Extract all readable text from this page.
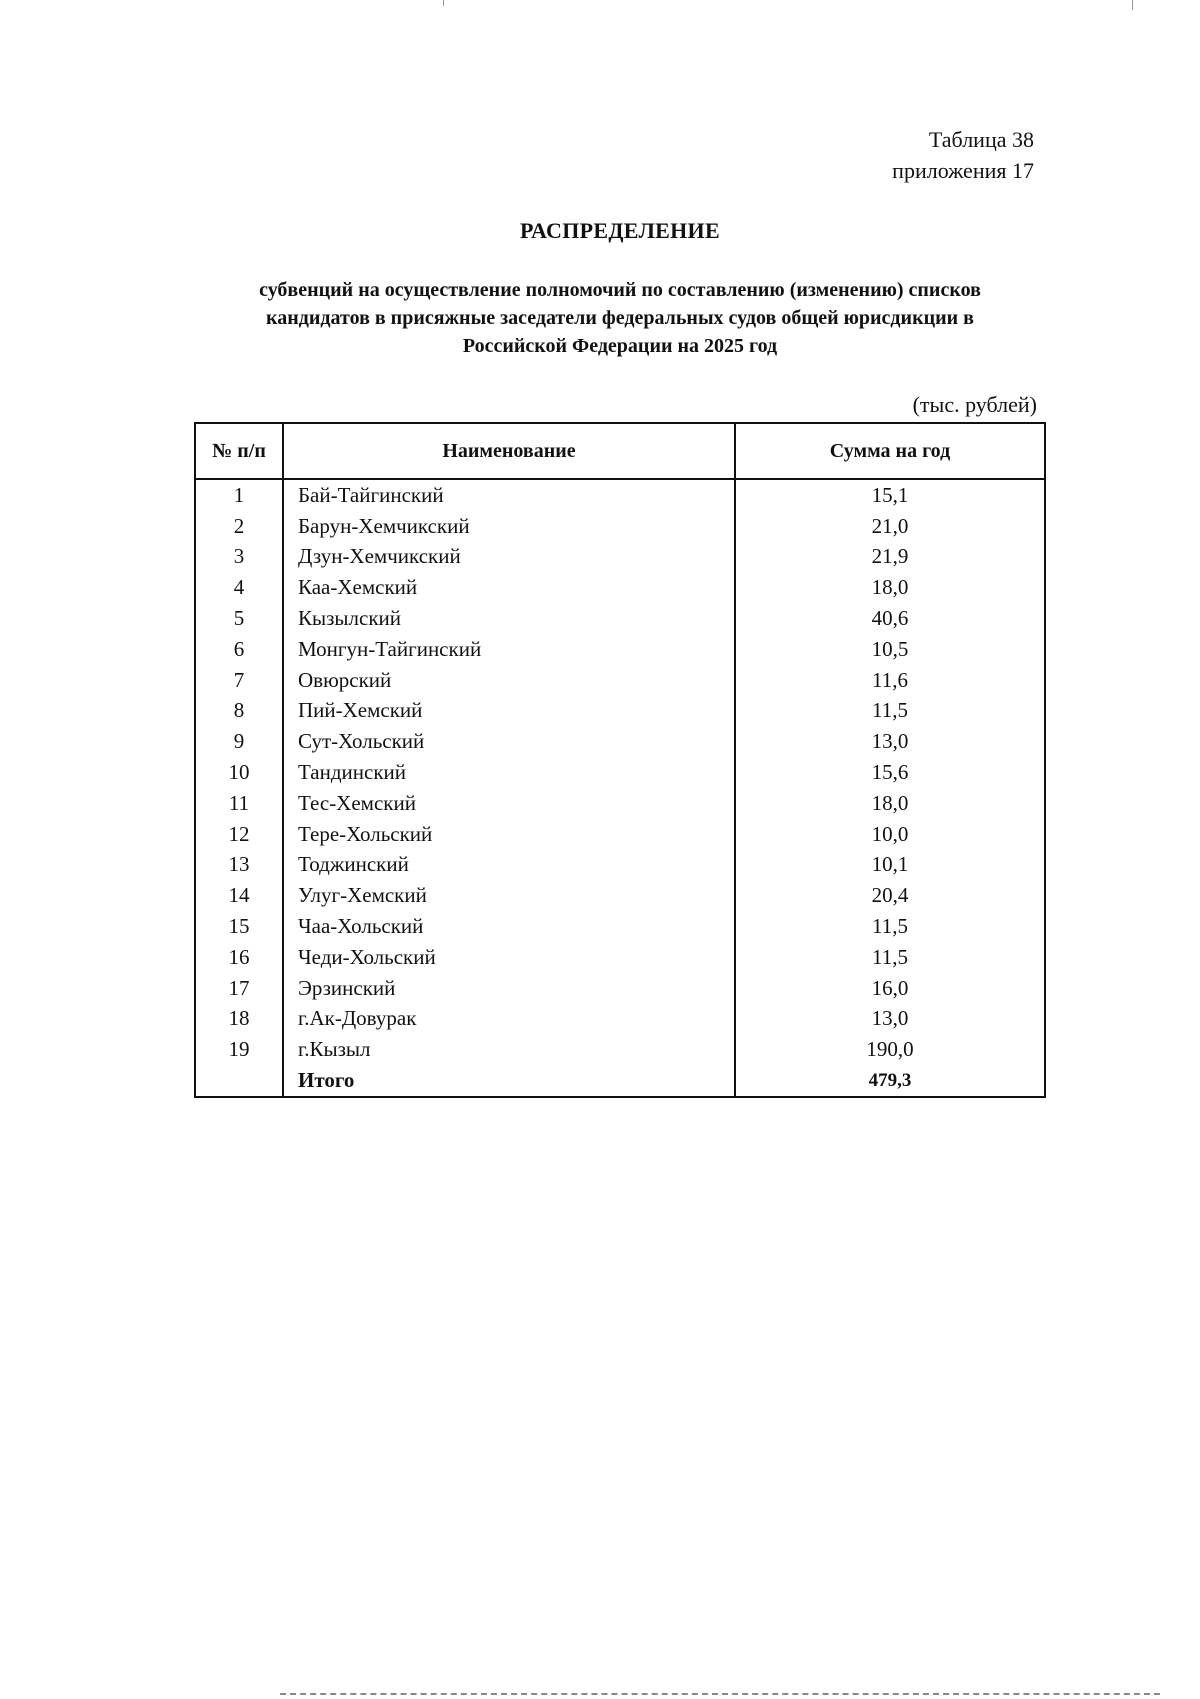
Таблица 38
приложения 17
РАСПРЕДЕЛЕНИЕ
субвенций на осуществление полномочий по составлению (изменению) списков
кандидатов в присяжные заседатели федеральных судов общей юрисдикции в
Российской Федерации на 2025 год
(тыс. рублей)
№ п/п	Наименование	Сумма на год
1	Бай-Тайгинский	15,1
2	Барун-Хемчикский	21,0
3	Дзун-Хемчикский	21,9
4	Каа-Хемский	18,0
5	Кызылский	40,6
6	Монгун-Тайгинский	10,5
7	Овюрский	11,6
8	Пий-Хемский	11,5
9	Сут-Хольский	13,0
10	Тандинский	15,6
11	Тес-Хемский	18,0
12	Тере-Хольский	10,0
13	Тоджинский	10,1
14	Улуг-Хемский	20,4
15	Чаа-Хольский	11,5
16	Чеди-Хольский	11,5
17	Эрзинский	16,0
18	г.Ак-Довурак	13,0
19	г.Кызыл	190,0
	Итого	479,3
